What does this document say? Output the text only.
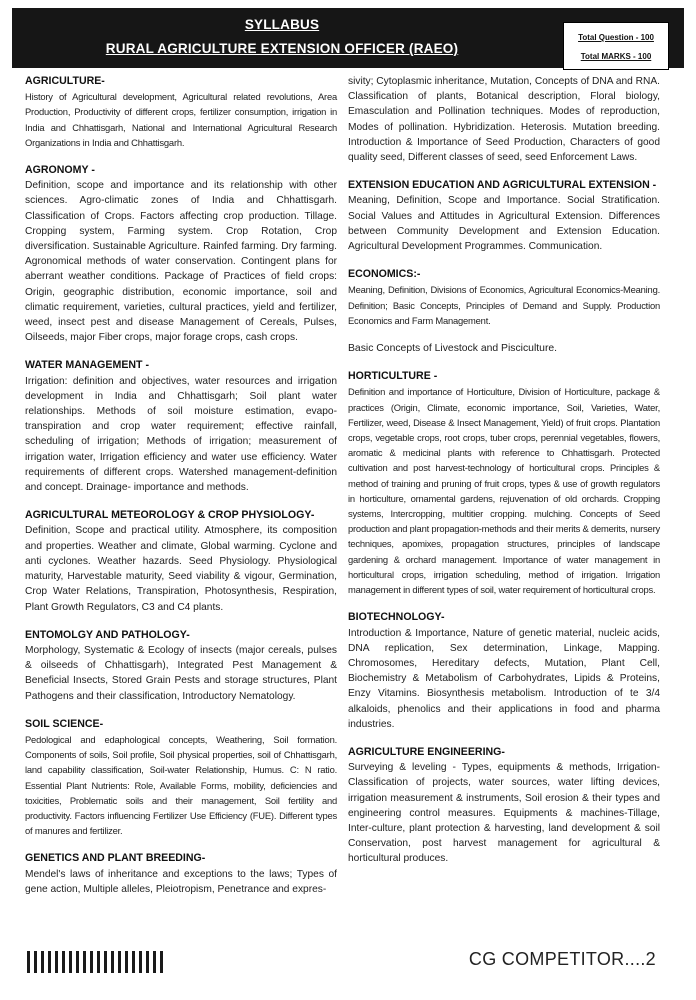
SYLLABUS
RURAL AGRICULTURE EXTENSION OFFICER (RAEO)
Total Question - 100
Total MARKS - 100
AGRICULTURE-
History of Agricultural development, Agricultural related revolutions, Area Production, Productivity of different crops, fertilizer consumption, irrigation in India and Chhattisgarh, National and International Agricultural Research Organizations in India and Chhattisgarh.
AGRONOMY -
Definition, scope and importance and its relationship with other sciences. Agro-climatic zones of India and Chhattisgarh. Classification of Crops. Factors affecting crop production. Tillage. Cropping system, Farming system. Crop Rotation, Crop diversification. Sustainable Agriculture. Rainfed farming. Dry farming. Agronomical methods of water conservation. Contingent plans for aberrant weather conditions. Package of Practices of field crops: Origin, geographic distribution, economic importance, soil and climatic requirement, varieties, cultural practices, yield and fertilizer, weed, insect pest and disease Management of Cereals, Pulses, Oilseeds, major Fiber crops, major forage crops, cash crops.
WATER MANAGEMENT -
Irrigation: definition and objectives, water resources and irrigation development in India and Chhattisgarh; Soil plant water relationships. Methods of soil moisture estimation, evapo-transpiration and crop water requirement; effective rainfall, scheduling of irrigation; Methods of irrigation; measurement of irrigation water, Irrigation efficiency and water use efficiency. Water requirements of different crops. Watershed management-definition and concept. Drainage- importance and methods.
AGRICULTURAL METEOROLOGY & CROP PHYSIOLOGY-
Definition, Scope and practical utility. Atmosphere, its composition and properties. Weather and climate, Global warming. Cyclone and anti cyclones. Weather hazards. Seed Physiology. Physiological maturity, Harvestable maturity, Seed viability & vigour, Germination, Crop Water Relations, Transpiration, Photosynthesis, Respiration, Plant Growth Regulators, C3 and C4 plants.
ENTOMOLGY AND PATHOLOGY-
Morphology, Systematic & Ecology of insects (major cereals, pulses & oilseeds of Chhattisgarh), Integrated Pest Management & Beneficial Insects, Stored Grain Pests and storage structures, Plant Pathogens and their classification, Introductory Nematology.
SOIL SCIENCE-
Pedological and edaphological concepts, Weathering, Soil formation. Components of soils, Soil profile, Soil physical properties, soil of Chhattisgarh, land capability classification, Soil-water Relationship, Humus. C: N ratio. Essential Plant Nutrients: Role, Available Forms, mobility, deficiencies and toxicities, Problematic soils and their management, Soil fertility and productivity. Factors influencing Fertilizer Use Efficiency (FUE). Different types of manures and fertilizer.
GENETICS AND PLANT BREEDING-
Mendel's laws of inheritance and exceptions to the laws; Types of gene action, Multiple alleles, Pleiotropism, Penetrance and expres-
sivity; Cytoplasmic inheritance, Mutation, Concepts of DNA and RNA. Classification of plants, Botanical description, Floral biology, Emasculation and Pollination techniques. Modes of reproduction, Modes of pollination. Hybridization. Heterosis. Mutation breeding. Introduction & Importance of Seed Production, Characters of good quality seed, Different classes of seed, seed Enforcement Laws.
EXTENSION EDUCATION AND AGRICULTURAL EXTENSION -
Meaning, Definition, Scope and Importance. Social Stratification. Social Values and Attitudes in Agricultural Extension. Differences between Community Development and Extension Education. Agricultural Development Programmes. Communication.
ECONOMICS:-
Meaning, Definition, Divisions of Economics, Agricultural Economics-Meaning. Definition; Basic Concepts, Principles of Demand and Supply. Production Economics and Farm Management.
Basic Concepts of Livestock and Pisciculture.
HORTICULTURE -
Definition and importance of Horticulture, Division of Horticulture, package & practices (Origin, Climate, economic importance, Soil, Varieties, Water, Fertilizer, weed, Disease & Insect Management, Yield) of fruit crops. Plantation crops, vegetable crops, root crops, tuber crops, perennial vegetables, flowers, aromatic & medicinal plants with reference to Chhattisgarh. Protected cultivation and post harvest-technology of horticultural crops. Principles & method of training and pruning of fruit crops, types & use of growth regulators in horticulture, ornamental gardens, rejuvenation of old orchards. Cropping systems, Intercropping, multitier cropping. mulching. Concepts of Seed production and plant propagation-methods and their merits & demerits, nursery techniques, apomixes, propagation structures, principles of landscape gardening & orchard management. Importance of water management in horticultural crops, irrigation scheduling, method of irrigation. Irrigation management in different types of soil, water requirement of horticultural crops.
BIOTECHNOLOGY-
Introduction & Importance, Nature of genetic material, nucleic acids, DNA replication, Sex determination, Linkage, Mapping. Chromosomes, Hereditary defects, Mutation, Plant Cell, Biochemistry & Metabolism of Carbohydrates, Lipids & Proteins, Enzy Vitamins. Biosynthesis metabolism. Introduction of te 3/4 alkaloids, phenolics and their applications in food and pharma industries.
AGRICULTURE ENGINEERING-
Surveying & leveling - Types, equipments & methods, Irrigation-Classification of projects, water sources, water lifting devices, irrigation measurement & instruments, Soil erosion & their types and engineering control measures. Equipments & machines-Tillage, Inter-culture, plant protection & harvesting, land development & soil Conservation, post harvest management for agricultural & horticultural produces.
CG COMPETITOR....2
